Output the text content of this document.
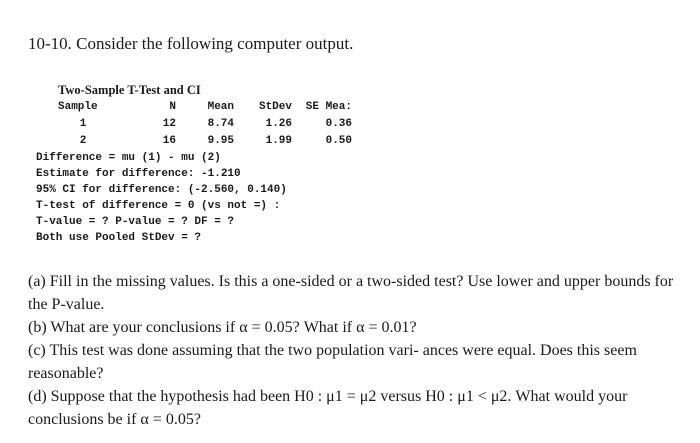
10-10. Consider the following computer output.
Two-Sample T-Test and CI
Sample	N	Mean	StDev	SE Mea:
1	12	8.74	1.26	0.36
2	16	9.95	1.99	0.50
Difference = mu (1) - mu (2)
Estimate for difference: -1.210
95% CI for difference: (-2.560, 0.140)
T-test of difference = 0 (vs not =) :
T-value = ? P-value = ? DF = ?
Both use Pooled StDev = ?

(a) Fill in the missing values. Is this a one-sided or a two-sided test? Use lower and upper bounds for the P-value.

(b) What are your conclusions if α = 0.05? What if α = 0.01?

(c) This test was done assuming that the two population vari- ances were equal. Does this seem reasonable?

(d) Suppose that the hypothesis had been H0 : μ1 = μ2 versus H0 : μ1 < μ2. What would your conclusions be if α = 0.05?
